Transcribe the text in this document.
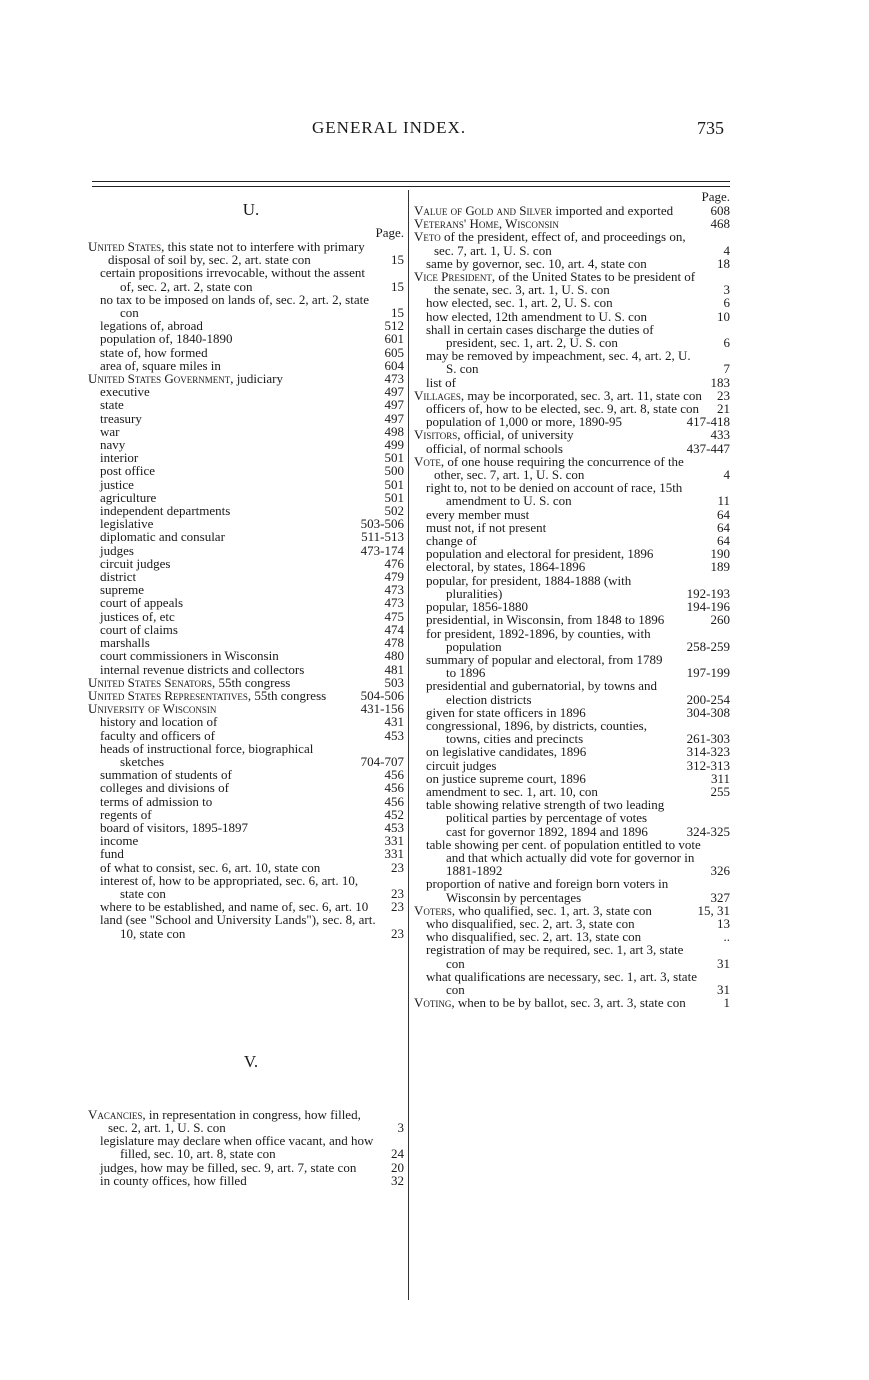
GENERAL INDEX.	735
U.
Page.
United States, this state not to interfere with primary disposal of soil by, sec. 2, art. state con	15
certain propositions irrevocable, without the assent of, sec. 2, art. 2, state con	15
no tax to be imposed on lands of, sec. 2, art. 2, state con	15
legations of, abroad	512
population of, 1840-1890	601
state of, how formed	605
area of, square miles in	604
United States Government, judiciary	473
executive	497
state	497
treasury	497
war	498
navy	499
interior	501
post office	500
justice	501
agriculture	501
independent departments	502
legislative	503-506
diplomatic and consular	511-513
judges	473-174
circuit judges	476
district	479
supreme	473
court of appeals	473
justices of, etc	475
court of claims	474
marshalls	478
court commissioners in Wisconsin	480
internal revenue districts and collectors	481
United States Senators, 55th congress	503
United States Representatives, 55th congress	504-506
University of Wisconsin	431-156
history and location of	431
faculty and officers of	453
heads of instructional force, biographical sketches	704-707
summation of students of	456
colleges and divisions of	456
terms of admission to	456
regents of	452
board of visitors, 1895-1897	453
income	331
fund	331
of what to consist, sec. 6, art. 10, state con	23
interest of, how to be appropriated, sec. 6, art. 10, state con	23
where to be established, and name of, sec. 6, art. 10 23
land (see "School and University Lands"), sec. 8, art. 10, state con	23
V.
Vacancies, in representation in congress, how filled, sec. 2, art. 1, U. S. con	3
legislature may declare when office vacant, and how filled, sec. 10, art. 8, state con	24
judges, how may be filled, sec. 9, art. 7, state con	20
in county offices, how filled	32
Page.
Value of Gold and Silver imported and exported	608
Veterans' Home, Wisconsin	468
Veto of the president, effect of, and proceedings on, sec. 7, art. 1, U. S. con	4
same by governor, sec. 10, art. 4, state con	18
Vice President, of the United States to be president of the senate, sec. 3, art. 1, U. S. con	3
how elected, sec. 1, art. 2, U. S. con	6
how elected, 12th amendment to U. S. con	10
shall in certain cases discharge the duties of president, sec. 1, art. 2, U. S. con	6
may be removed by impeachment, sec. 4, art. 2, U. S. con	7
list of	183
Villages, may be incorporated, sec. 3, art. 11, state con 23
officers of, how to be elected, sec. 9, art. 8, state con 21
population of 1,000 or more, 1890-95	417-418
Visitors, official, of university	433
official, of normal schools	437-447
Vote, of one house requiring the concurrence of the other, sec. 7, art. 1, U. S. con	4
right to, not to be denied on account of race, 15th amendment to U. S. con	11
every member must	64
must not, if not present	64
change of	64
population and electoral for president, 1896	190
electoral, by states, 1864-1896	189
popular, for president, 1884-1888 (with pluralities)	192-193
popular, 1856-1880	194-196
presidential, in Wisconsin, from 1848 to 1896	260
for president, 1892-1896, by counties, with population	258-259
summary of popular and electoral, from 1789 to 1896	197-199
presidential and gubernatorial, by towns and election districts	200-254
given for state officers in 1896	304-308
congressional, 1896, by districts, counties, towns, cities and precincts	261-303
on legislative candidates, 1896	314-323
circuit judges	312-313
on justice supreme court, 1896	311
amendment to sec. 1, art. 10, con	255
table showing relative strength of two leading political parties by percentage of votes cast for governor 1892, 1894 and 1896	324-325
table showing per cent. of population entitled to vote and that which actually did vote for governor in 1881-1892	326
proportion of native and foreign born voters in Wisconsin by percentages	327
Voters, who qualified, sec. 1, art. 3, state con	15, 31
who disqualified, sec. 2, art. 3, state con	13
who disqualified, sec. 2, art. 13, state con	..
registration of may be required, sec. 1, art 3, state con	31
what qualifications are necessary, sec. 1, art. 3, state con	31
Voting, when to be by ballot, sec. 3, art. 3, state con	1
